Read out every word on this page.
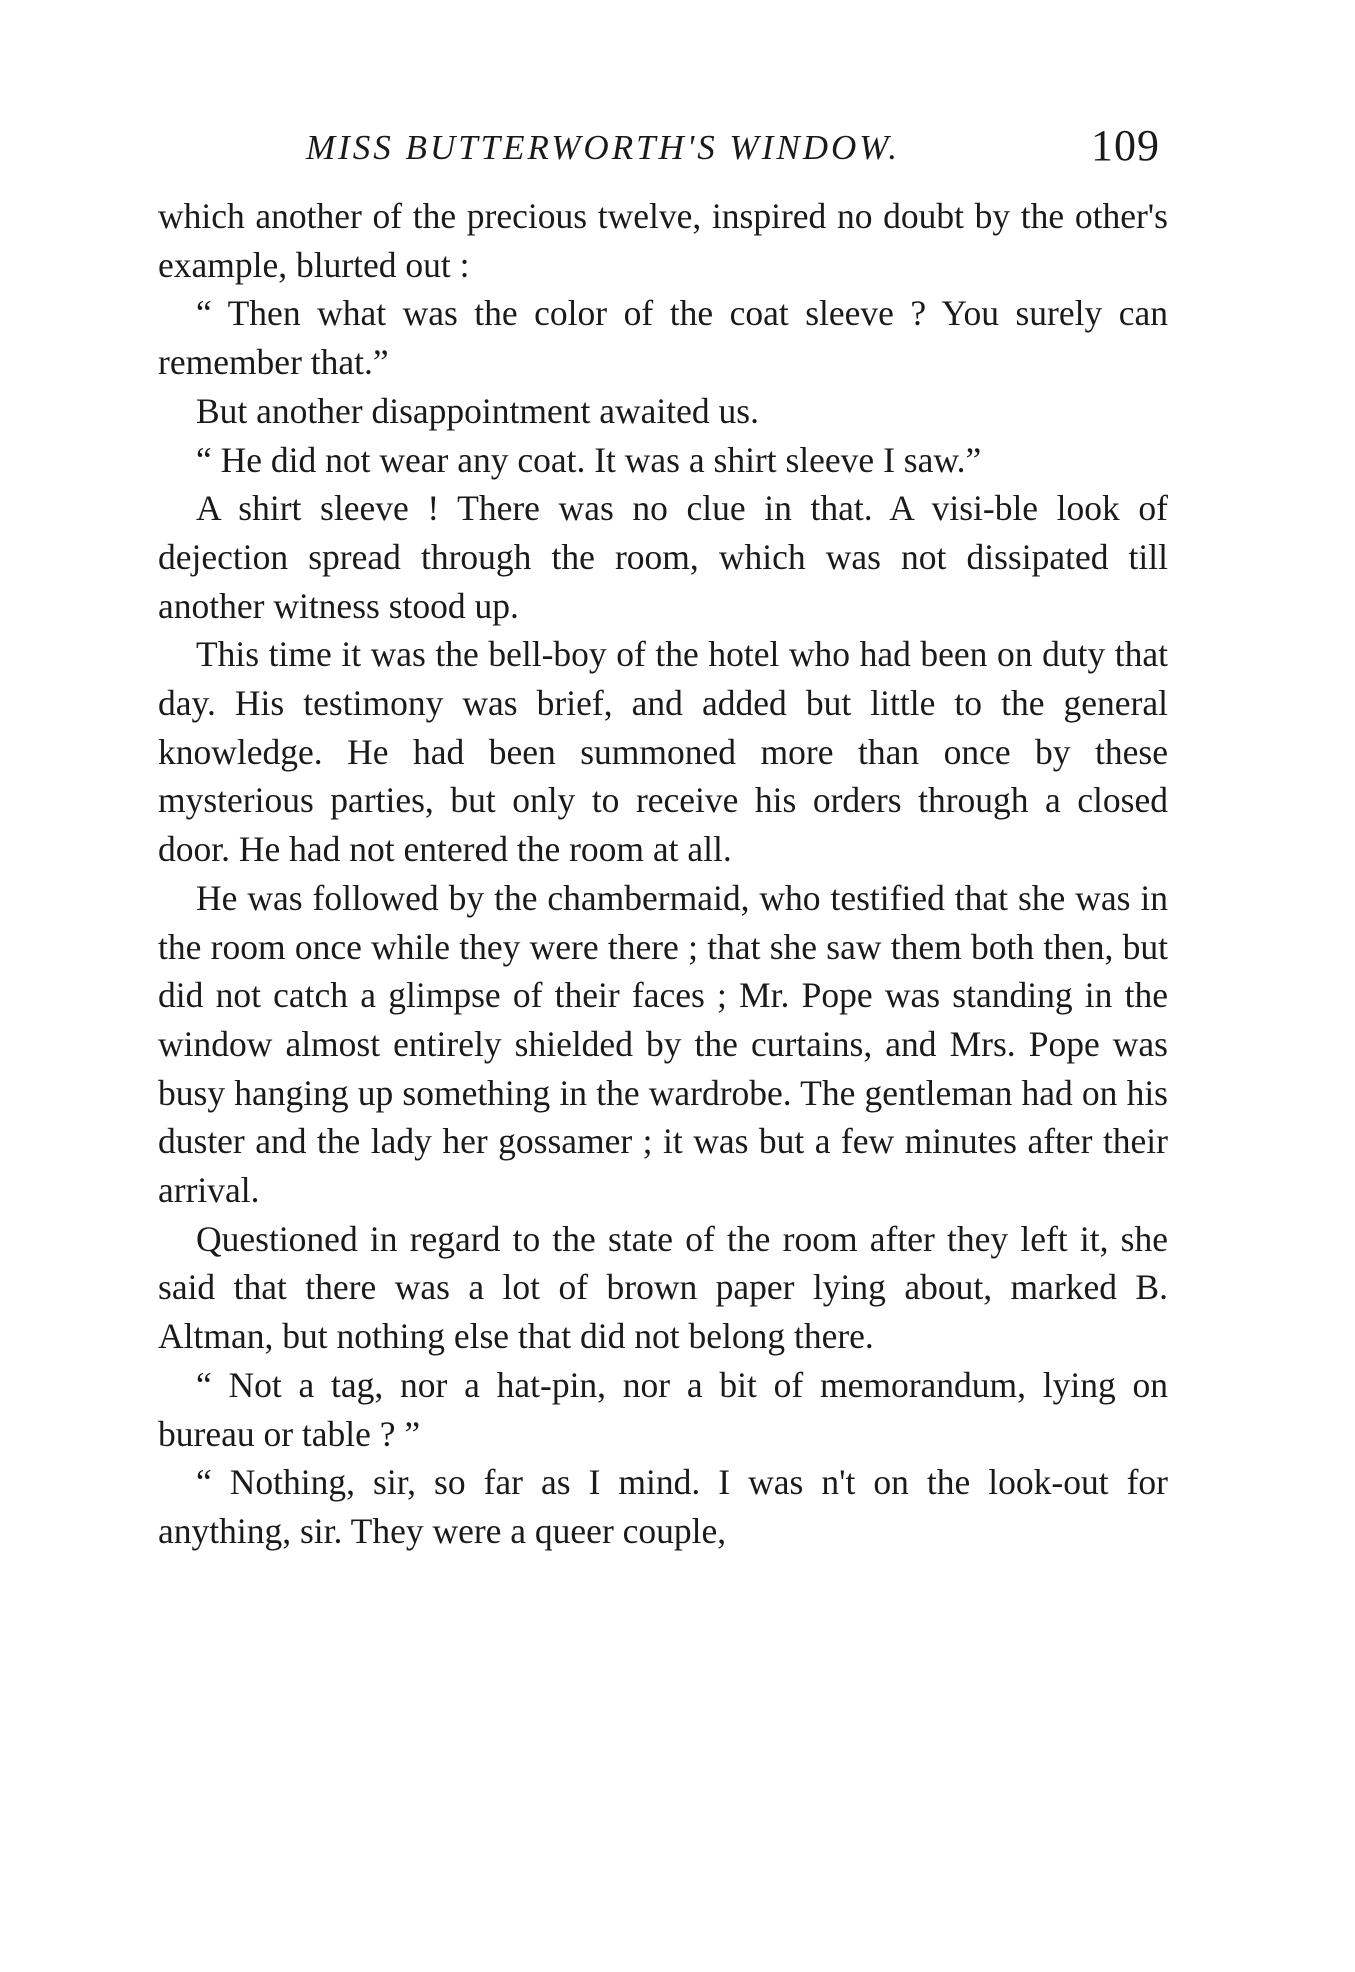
MISS BUTTERWORTH'S WINDOW.	109

which another of the precious twelve, inspired no doubt by the other's example, blurted out :

“ Then what was the color of the coat sleeve ? You surely can remember that.”

But another disappointment awaited us.

“ He did not wear any coat. It was a shirt sleeve I saw.”

A shirt sleeve ! There was no clue in that. A visi-ble look of dejection spread through the room, which was not dissipated till another witness stood up.

This time it was the bell-boy of the hotel who had been on duty that day. His testimony was brief, and added but little to the general knowledge. He had been summoned more than once by these mysterious parties, but only to receive his orders through a closed door. He had not entered the room at all.

He was followed by the chambermaid, who testified that she was in the room once while they were there ; that she saw them both then, but did not catch a glimpse of their faces ; Mr. Pope was standing in the window almost entirely shielded by the curtains, and Mrs. Pope was busy hanging up something in the wardrobe. The gentleman had on his duster and the lady her gossamer ; it was but a few minutes after their arrival.

Questioned in regard to the state of the room after they left it, she said that there was a lot of brown paper lying about, marked B. Altman, but nothing else that did not belong there.

“ Not a tag, nor a hat-pin, nor a bit of memorandum, lying on bureau or table ? ”

“ Nothing, sir, so far as I mind. I was n't on the look-out for anything, sir. They were a queer couple,
